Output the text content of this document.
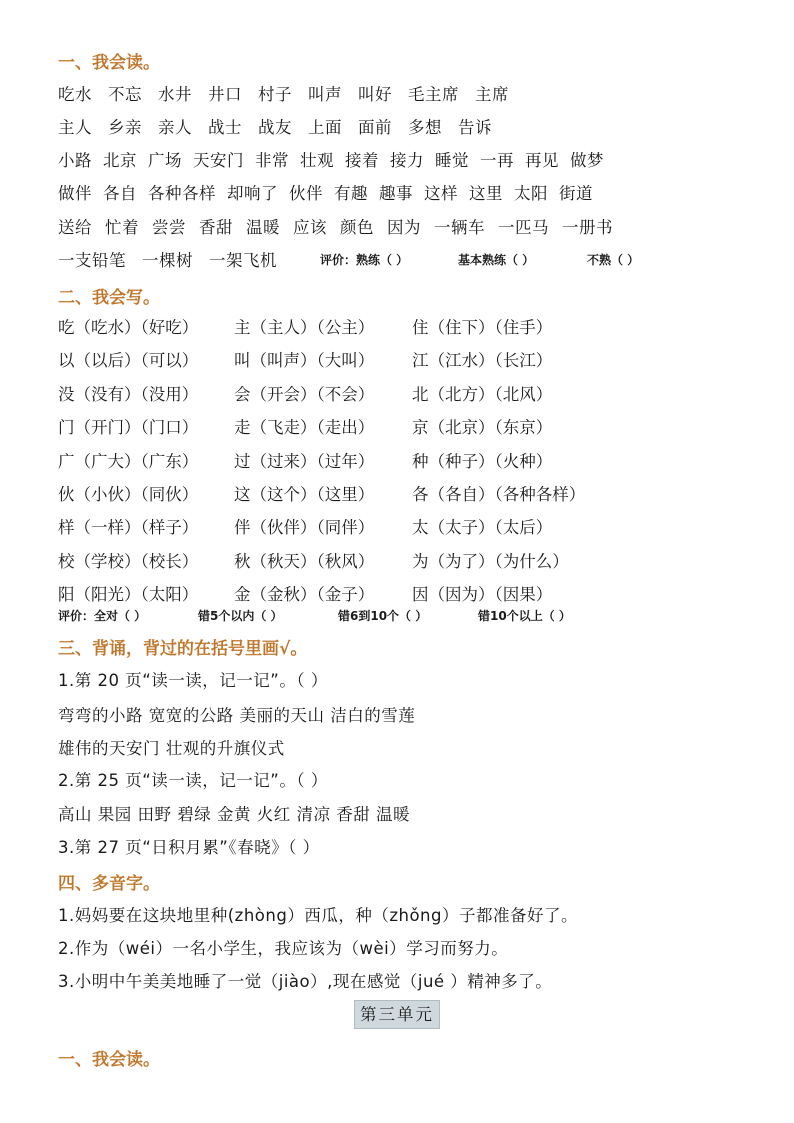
一、我会读。
吃水 不忘 水井 井口 村子 叫声 叫好 毛主席 主席
主人 乡亲 亲人 战士 战友 上面 面前 多想 告诉
小路 北京 广场 天安门 非常 壮观 接着 接力 睡觉 一再 再见 做梦
做伴 各自 各种各样 却响了 伙伴 有趣 趣事 这样 这里 太阳 街道
送给 忙着 尝尝 香甜 温暖 应该 颜色 因为 一辆车 一匹马 一册书
一支铅笔 一棵树 一架飞机	评价：熟练（ ）	基本熟练（ ）	不熟（ ）
二、我会写。
吃（吃水）（好吃） 主（主人）（公主） 住（住下）（住手）
以（以后）（可以） 叫（叫声）（大叫） 江（江水）（长江）
没（没有）（没用） 会（开会）（不会） 北（北方）（北风）
门（开门）（门口） 走（飞走）（走出） 京（北京）（东京）
广（广大）（广东） 过（过来）（过年） 种（种子）（火种）
伙（小伙）（同伙） 这（这个）（这里） 各（各自）（各种各样）
样（一样）（样子） 伴（伙伴）（同伴） 太（太子）（太后）
校（学校）（校长） 秋（秋天）（秋风） 为（为了）（为什么）
阳（阳光）（太阳） 金（金秋）（金子） 因（因为）（因果）
评价：全对（ ）	错5个以内（ ）	错6到10个（ ）	错10个以上（ ）
三、背诵，背过的在括号里画√。
1.第 20 页“读一读，记一记”。（ ）
弯弯的小路 宽宽的公路 美丽的天山 洁白的雪莲
雄伟的天安门 壮观的升旗仪式
2.第 25 页“读一读，记一记”。（ ）
高山 果园 田野 碧绿 金黄 火红 清凉 香甜 温暖
3.第 27 页“日积月累”《春晓》（ ）
四、多音字。
1.妈妈要在这块地里种(zhòng）西瓜，种（zhǒng）子都准备好了。
2.作为（wéi）一名小学生，我应该为（wèi）学习而努力。
3.小明中午美美地睡了一觉（jiào）,现在感觉（jué ）精神多了。
第三单元
一、我会读。
